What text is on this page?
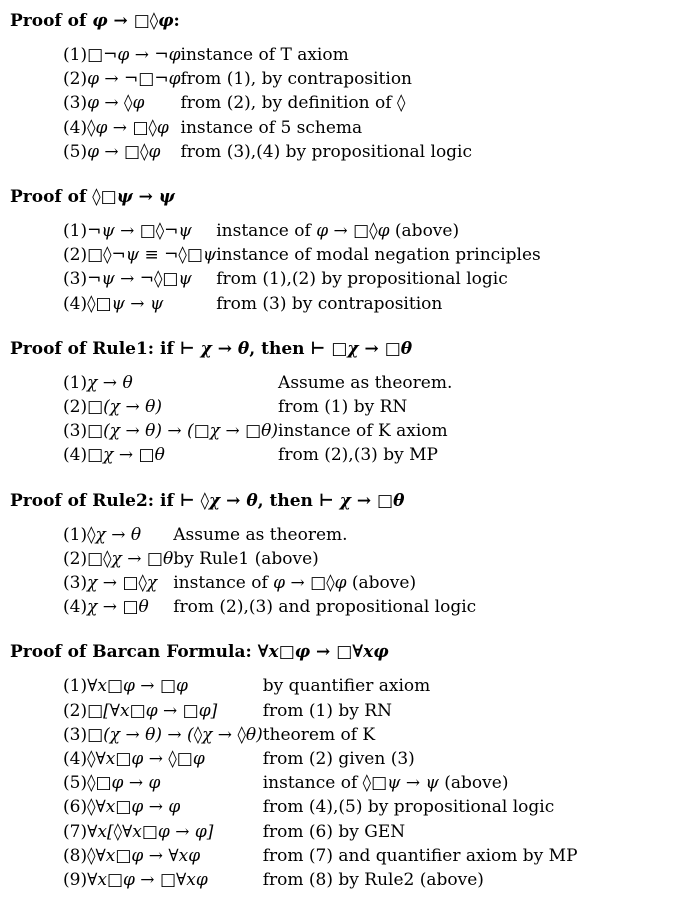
Proof of φ → □◊φ:
(1)	□¬φ → ¬φ	instance of T axiom
(2)	φ → ¬□¬φ	from (1), by contraposition
(3)	φ → ◊φ	from (2), by definition of ◊
(4)	◊φ → □◊φ	instance of 5 schema
(5)	φ → □◊φ	from (3),(4) by propositional logic
Proof of ◊□ψ → ψ
(1)	¬ψ → □◊¬ψ	instance of φ → □◊φ (above)
(2)	□◊¬ψ ≡ ¬◊□ψ	instance of modal negation principles
(3)	¬ψ → ¬◊□ψ	from (1),(2) by propositional logic
(4)	◊□ψ → ψ	from (3) by contraposition
Proof of Rule1: if ⊢ χ → θ, then ⊢ □χ → □θ
(1)	χ → θ	Assume as theorem.
(2)	□(χ → θ)	from (1) by RN
(3)	□(χ → θ) → (□χ → □θ)	instance of K axiom
(4)	□χ → □θ	from (2),(3) by MP
Proof of Rule2: if ⊢ ◊χ → θ, then ⊢ χ → □θ
(1)	◊χ → θ	Assume as theorem.
(2)	□◊χ → □θ	by Rule1 (above)
(3)	χ → □◊χ	instance of φ → □◊φ (above)
(4)	χ → □θ	from (2),(3) and propositional logic
Proof of Barcan Formula: ∀x□φ → □∀xφ
(1)	∀x□φ → □φ	by quantifier axiom
(2)	□[∀x□φ → □φ]	from (1) by RN
(3)	□(χ → θ) → (◊χ → ◊θ)	theorem of K
(4)	◊∀x□φ → ◊□φ	from (2) given (3)
(5)	◊□φ → φ	instance of ◊□ψ → ψ (above)
(6)	◊∀x□φ → φ	from (4),(5) by propositional logic
(7)	∀x[◊∀x□φ → φ]	from (6) by GEN
(8)	◊∀x□φ → ∀xφ	from (7) and quantifier axiom by MP
(9)	∀x□φ → □∀xφ	from (8) by Rule2 (above)
